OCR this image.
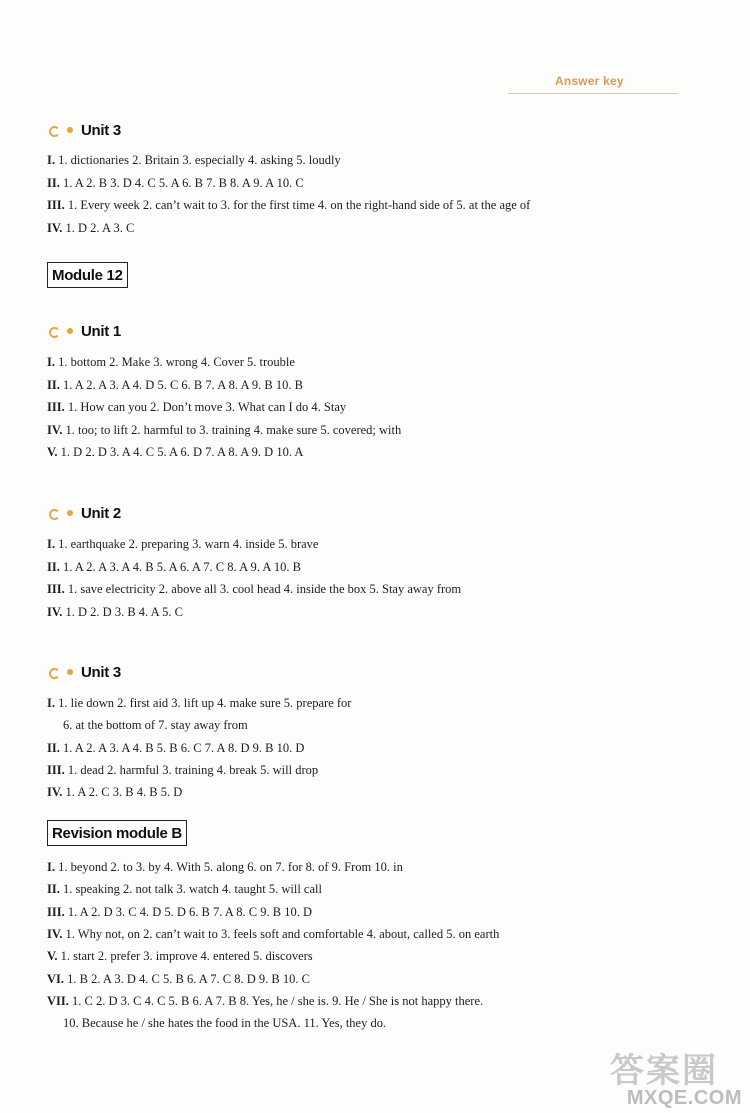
Answer key
Unit 3
I. 1. dictionaries 2. Britain 3. especially 4. asking 5. loudly
II. 1. A 2. B 3. D 4. C 5. A 6. B 7. B 8. A 9. A 10. C
III. 1. Every week 2. can’t wait to 3. for the first time 4. on the right-hand side of 5. at the age of
IV. 1. D 2. A 3. C
Module 12
Unit 1
I. 1. bottom 2. Make 3. wrong 4. Cover 5. trouble
II. 1. A 2. A 3. A 4. D 5. C 6. B 7. A 8. A 9. B 10. B
III. 1. How can you 2. Don’t move 3. What can I do 4. Stay
IV. 1. too; to lift 2. harmful to 3. training 4. make sure 5. covered; with
V. 1. D 2. D 3. A 4. C 5. A 6. D 7. A 8. A 9. D 10. A
Unit 2
I. 1. earthquake 2. preparing 3. warn 4. inside 5. brave
II. 1. A 2. A 3. A 4. B 5. A 6. A 7. C 8. A 9. A 10. B
III. 1. save electricity 2. above all 3. cool head 4. inside the box 5. Stay away from
IV. 1. D 2. D 3. B 4. A 5. C
Unit 3
I. 1. lie down 2. first aid 3. lift up 4. make sure 5. prepare for
6. at the bottom of 7. stay away from
II. 1. A 2. A 3. A 4. B 5. B 6. C 7. A 8. D 9. B 10. D
III. 1. dead 2. harmful 3. training 4. break 5. will drop
IV. 1. A 2. C 3. B 4. B 5. D
Revision module B
I. 1. beyond 2. to 3. by 4. With 5. along 6. on 7. for 8. of 9. From 10. in
II. 1. speaking 2. not talk 3. watch 4. taught 5. will call
III. 1. A 2. D 3. C 4. D 5. D 6. B 7. A 8. C 9. B 10. D
IV. 1. Why not, on 2. can’t wait to 3. feels soft and comfortable 4. about, called 5. on earth
V. 1. start 2. prefer 3. improve 4. entered 5. discovers
VI. 1. B 2. A 3. D 4. C 5. B 6. A 7. C 8. D 9. B 10. C
VII. 1. C 2. D 3. C 4. C 5. B 6. A 7. B 8. Yes, he / she is. 9. He / She is not happy there.
10. Because he / she hates the food in the USA. 11. Yes, they do.
答案圈
MXQE.COM
